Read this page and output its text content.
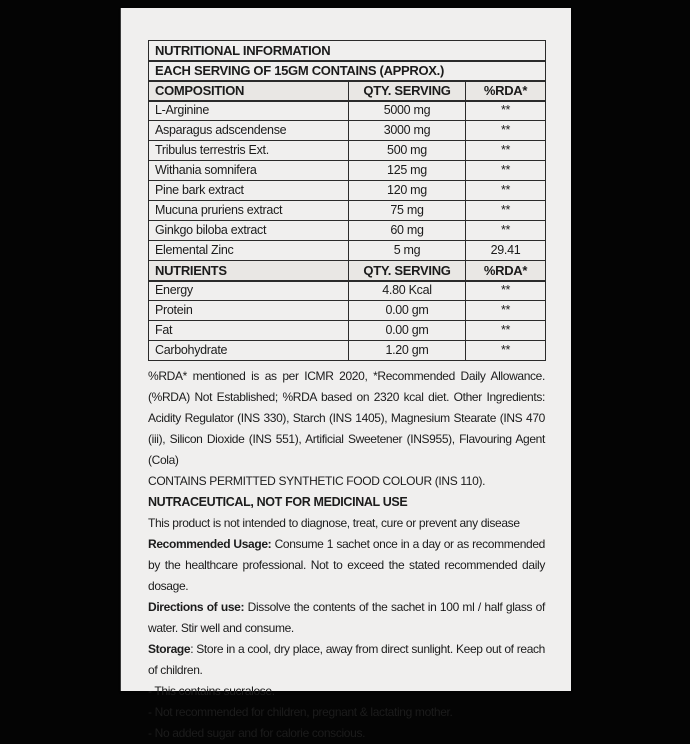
NUTRITIONAL INFORMATION		
EACH SERVING OF 15GM CONTAINS (APPROX.)		
COMPOSITION	QTY. SERVING	%RDA*
L-Arginine	5000 mg	**
Asparagus adscendense	3000 mg	**
Tribulus terrestris Ext.	500 mg	**
Withania somnifera	125 mg	**
Pine bark extract	120 mg	**
Mucuna pruriens extract	75 mg	**
Ginkgo biloba extract	60 mg	**
Elemental Zinc	5 mg	29.41
NUTRIENTS	QTY. SERVING	%RDA*
Energy	4.80 Kcal	**
Protein	0.00 gm	**
Fat	0.00 gm	**
Carbohydrate	1.20 gm	**

%RDA* mentioned is as per ICMR 2020, *Recommended Daily Allowance. (%RDA) Not Established; %RDA based on 2320 kcal diet. Other Ingredients: Acidity Regulator (INS 330), Starch (INS 1405), Magnesium Stearate (INS 470 (iii), Silicon Dioxide (INS 551), Artificial Sweetener (INS955), Flavouring Agent (Cola)

CONTAINS PERMITTED SYNTHETIC FOOD COLOUR (INS 110).

NUTRACEUTICAL, NOT FOR MEDICINAL USE

This product is not intended to diagnose, treat, cure or prevent any disease

Recommended Usage: Consume 1 sachet once in a day or as recommended by the healthcare professional. Not to exceed the stated recommended daily dosage.

Directions of use: Dissolve the contents of the sachet in 100 ml / half glass of water. Stir well and consume.

Storage: Store in a cool, dry place, away from direct sunlight. Keep out of reach of children.

- This contains sucralose.

- Not recommended for children, pregnant & lactating mother.

- No added sugar and for calorie conscious.
